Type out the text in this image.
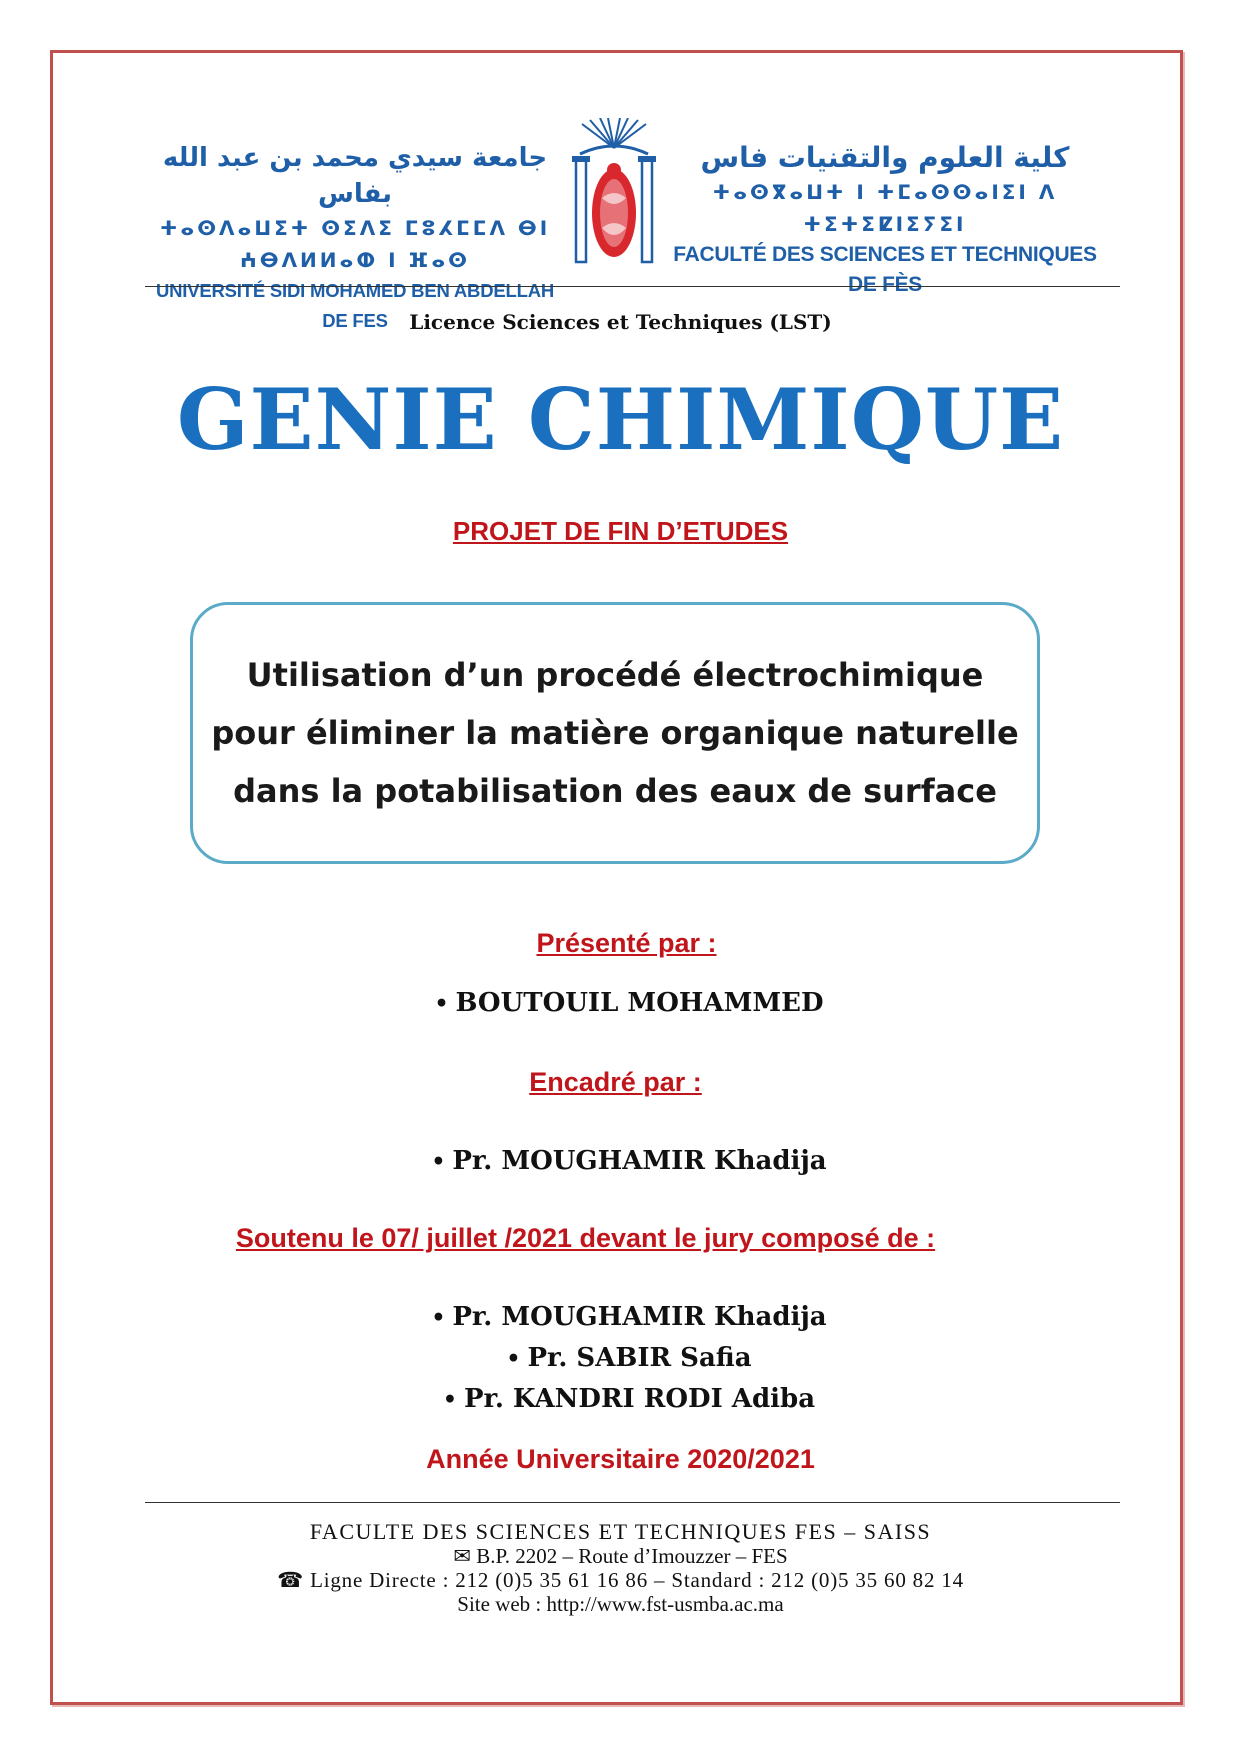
جامعة سيدي محمد بن عبد الله بفاس
ⵜⴰⵙⴷⴰⵡⵉⵜ ⵙⵉⴷⵉ ⵎⵓⵃⵎⵎⴷ ⴱⵏ ⵄⴱⴷⵍⵍⴰⵀ ⵏ ⴼⴰⵙ
UNIVERSITÉ SIDI MOHAMED BEN ABDELLAH DE FES
كلية العلوم والتقنيات فاس
ⵜⴰⵙⴳⴰⵡⵜ ⵏ ⵜⵎⴰⵙⵙⴰⵏⵉⵏ ⴷ ⵜⵉⵜⵉⵇⵏⵉⵢⵉⵏ
FACULTÉ DES SCIENCES ET TECHNIQUES DE FÈS
Licence Sciences et Techniques (LST)
GENIE CHIMIQUE
PROJET DE FIN D’ETUDES
Utilisation d’un procédé électrochimique
pour éliminer la matière organique naturelle
dans la potabilisation des eaux de surface
Présenté par :
• BOUTOUIL MOHAMMED
Encadré par :
• Pr. MOUGHAMIR Khadija
Soutenu le 07/ juillet /2021 devant le jury composé de :
• Pr. MOUGHAMIR Khadija
• Pr. SABIR Safia
• Pr. KANDRI RODI Adiba
Année Universitaire 2020/2021
FACULTE DES SCIENCES ET TECHNIQUES FES – SAISS
✉ B.P. 2202 – Route d’Imouzzer – FES
☎ Ligne Directe : 212 (0)5 35 61 16 86 – Standard : 212 (0)5 35 60 82 14
Site web : http://www.fst-usmba.ac.ma
